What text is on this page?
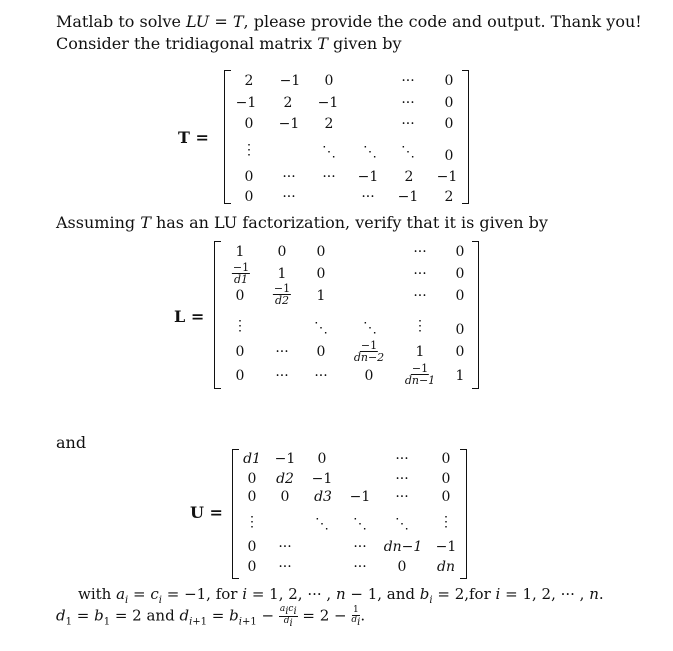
Matlab to solve LU = T, please provide the code and output. Thank you!
Consider the tridiagonal matrix T given by
T =
2 −1 0	··· 0
−1 2 −1	··· 0
0 −1 2	··· 0
⋮	⋱ ⋱ ⋱ 0
0 ··· ··· −1 2 −1
0 ···	··· −1 2
Assuming T has an LU factorization, verify that it is given by
L =
1 0 0	··· 0
$\frac{-1}{d1} 1$ 0	··· 0
0	$\frac{-1}{d2} 1$	··· 0
⋮	⋱	⋱	⋮ 0
0 ··· 0	$\frac{-1}{dn-2} 1$ 0
0 ··· ···	0	$\frac{-1}{dn-1} 1$
and
U =
d1 −1 0	··· 0
0 d2 −1	··· 0
0 0 d3 −1 ··· 0
⋮	⋱ ⋱ ⋱ ⋮
0 ···	··· dn−1 −1
0 ···	··· 0 dn
with $a_i = c_i = -1$, for i = 1, 2, ··· , n − 1, and $b_i = 2,for$ i = 1, 2, ··· , n.
$d_1 = b_1 = 2$ and $d_{i+1} = b_{i+1} - \frac{a_ic_i}{d_i} = 2 - \frac{1}{d_i}$ .
